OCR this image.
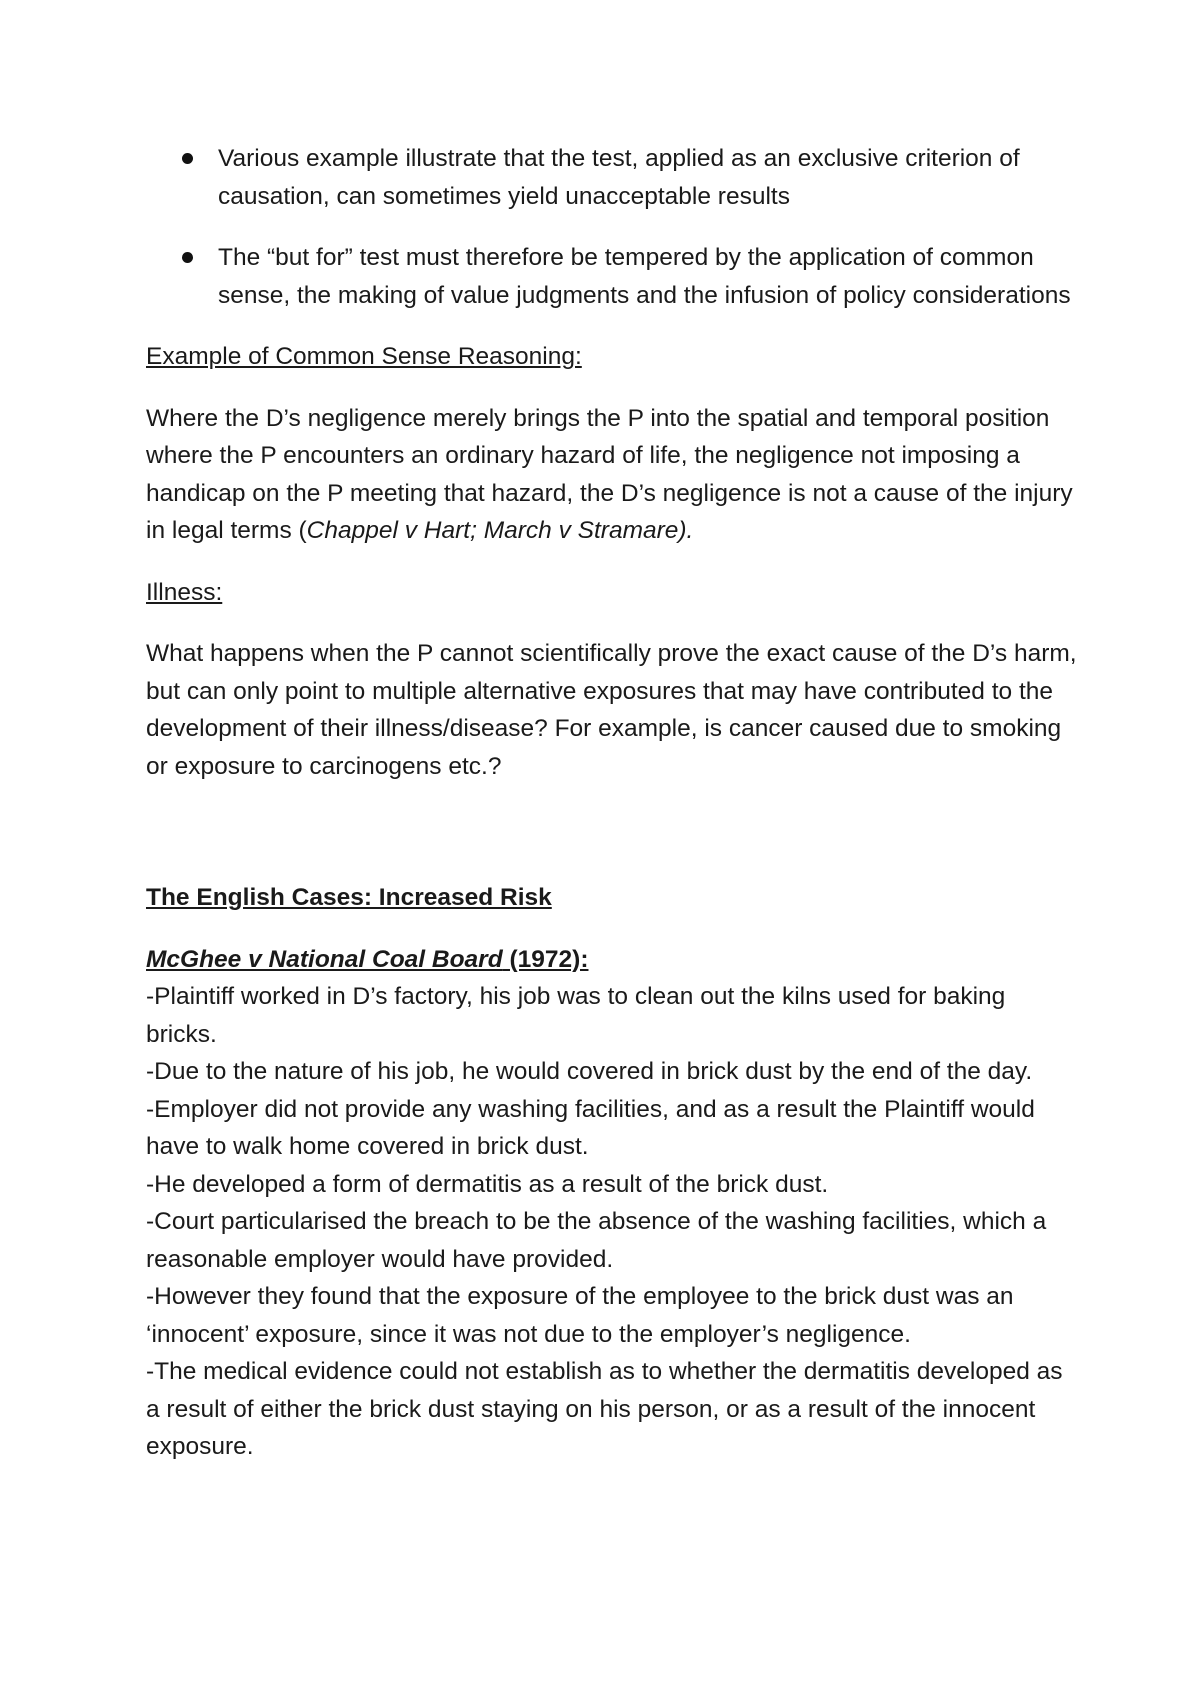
Various example illustrate that the test, applied as an exclusive criterion of causation, can sometimes yield unacceptable results
The “but for” test must therefore be tempered by the application of common sense, the making of value judgments and the infusion of policy considerations

Example of Common Sense Reasoning:

Where the D’s negligence merely brings the P into the spatial and temporal position where the P encounters an ordinary hazard of life, the negligence not imposing a handicap on the P meeting that hazard, the D’s negligence is not a cause of the injury in legal terms (Chappel v Hart; March v Stramare).

Illness:

What happens when the P cannot scientifically prove the exact cause of the D’s harm, but can only point to multiple alternative exposures that may have contributed to the development of their illness/disease? For example, is cancer caused due to smoking or exposure to carcinogens etc.?

The English Cases: Increased Risk

McGhee v National Coal Board (1972):

-Plaintiff worked in D’s factory, his job was to clean out the kilns used for baking bricks.

-Due to the nature of his job, he would covered in brick dust by the end of the day.

-Employer did not provide any washing facilities, and as a result the Plaintiff would have to walk home covered in brick dust.

-He developed a form of dermatitis as a result of the brick dust.

-Court particularised the breach to be the absence of the washing facilities, which a reasonable employer would have provided.

-However they found that the exposure of the employee to the brick dust was an ‘innocent’ exposure, since it was not due to the employer’s negligence.

-The medical evidence could not establish as to whether the dermatitis developed as a result of either the brick dust staying on his person, or as a result of the innocent exposure.
